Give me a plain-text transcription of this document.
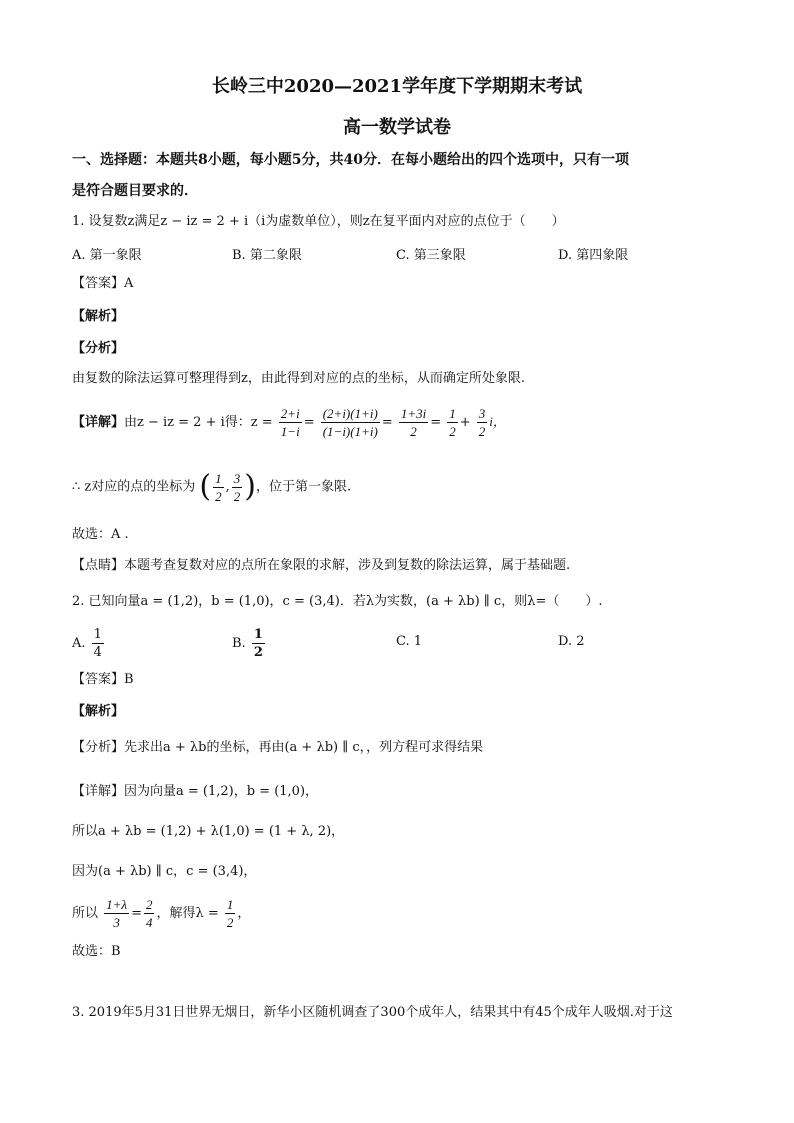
长岭三中2020—2021学年度下学期期末考试
高一数学试卷
一、选择题：本题共8小题，每小题5分，共40分．在每小题给出的四个选项中，只有一项
是符合题目要求的．
1. 设复数z满足z − iz = 2 + i（i为虚数单位），则z在复平面内对应的点位于（　　）
A. 第一象限	B. 第二象限	C. 第三象限	D. 第四象限
【答案】A
【解析】
【分析】
由复数的除法运算可整理得到z，由此得到对应的点的坐标，从而确定所处象限.
【详解】由z − iz = 2 + i得：$z = \frac{2+i}{1-i} = \frac{(2+i)(1+i)}{(1-i)(1+i)} = \frac{1+3i}{2} = \frac{1}{2} + \frac{3}{2}$ i，
∴ z对应的点的坐标为 ( $\frac{1}{2}$ , $\frac{3}{2}$ )，位于第一象限.
故选：A .
【点睛】本题考查复数对应的点所在象限的求解，涉及到复数的除法运算，属于基础题.
2. 已知向量a = (1,2)，b = (1,0)，c = (3,4)．若λ为实数，(a + λb) ∥ c，则λ=（　　）.
A. $\frac{1}{4}$	B. $\frac{1}{2}$	C. 1	D. 2
【答案】B
【解析】
【分析】先求出a + λb的坐标，再由(a + λb) ∥ c，，列方程可求得结果
【详解】因为向量a = (1,2)，b = (1,0)，
所以a + λb = (1,2) + λ(1,0) = (1 + λ, 2)，
因为(a + λb) ∥ c，c = (3,4)，
所以 $\frac{1+\lambda}{3} = \frac{2}{4}$ ，解得$\lambda = \frac{1}{2}$ ，
故选：B
3. 2019年5月31日世界无烟日，新华小区随机调查了300个成年人，结果其中有45个成年人吸烟.对于这
